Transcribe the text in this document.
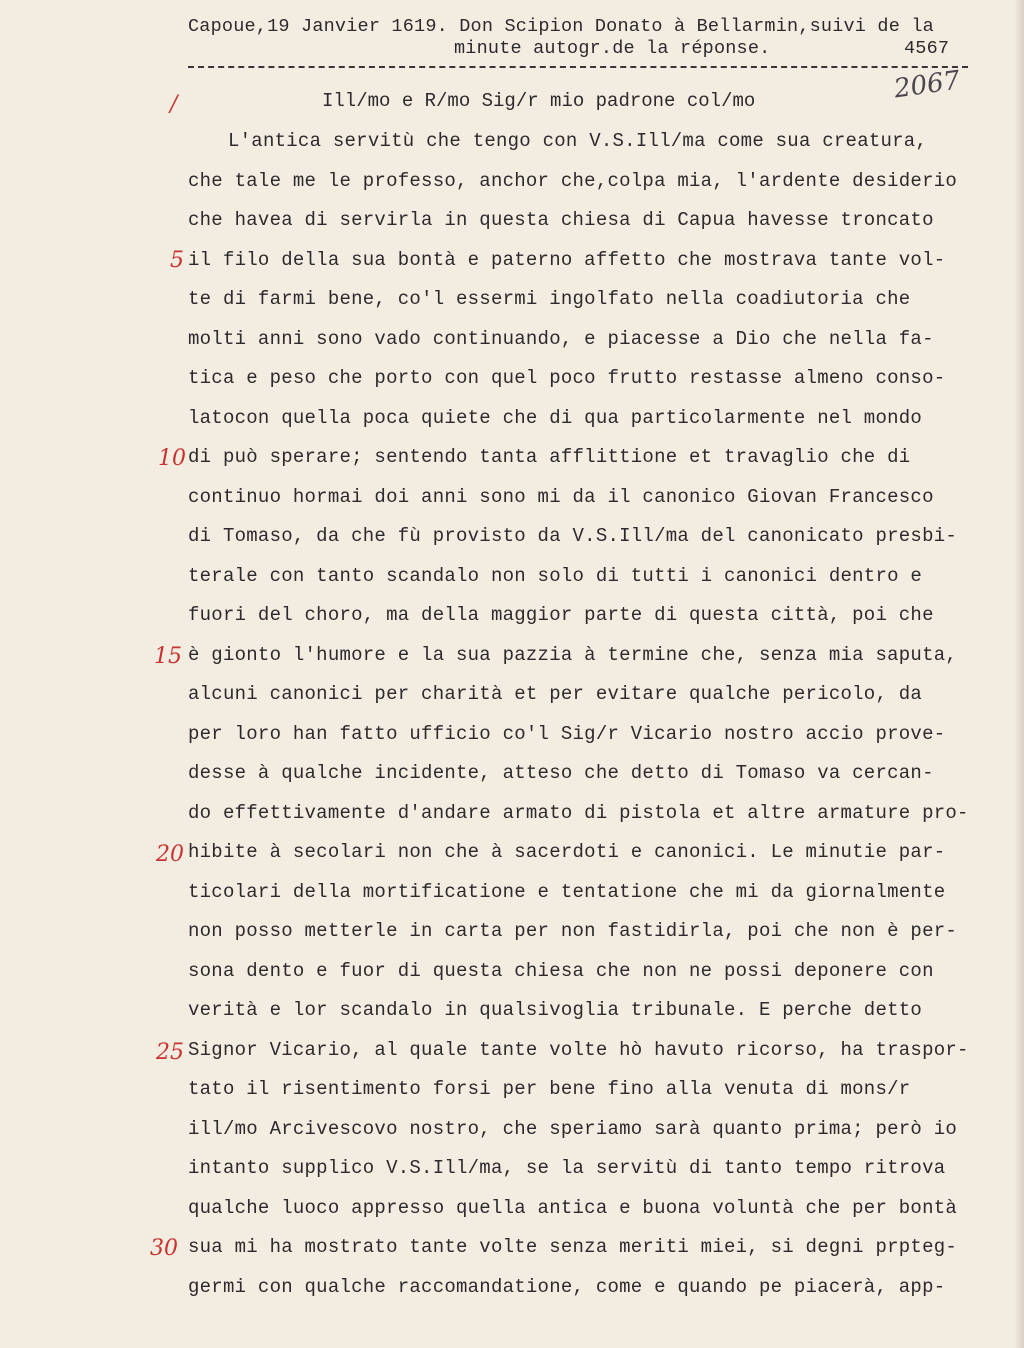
Capoue,19 Janvier 1619. Don Scipion Donato à Bellarmin,suivi de la
minute autogr.de la réponse.	4567
2067
/	Ill/mo e R/mo Sig/r mio padrone col/mo
5
10
15
20
25
30
L'antica servitù che tengo con V.S.Ill/ma come sua creatura,
che tale me le professo, anchor che,colpa mia, l'ardente desiderio
che havea di servirla in questa chiesa di Capua havesse troncato
il filo della sua bontà e paterno affetto che mostrava tante vol-
te di farmi bene, co'l essermi ingolfato nella coadiutoria che
molti anni sono vado continuando, e piacesse a Dio che nella fa-
tica e peso che porto con quel poco frutto restasse almeno conso-
latocon quella poca quiete che di qua particolarmente nel mondo
di può sperare; sentendo tanta afflittione et travaglio che di
continuo hormai doi anni sono mi da il canonico Giovan Francesco
di Tomaso, da che fù provisto da V.S.Ill/ma del canonicato presbi-
terale con tanto scandalo non solo di tutti i canonici dentro e
fuori del choro, ma della maggior parte di questa città, poi che
è gionto l'humore e la sua pazzia à termine che, senza mia saputa,
alcuni canonici per charità et per evitare qualche pericolo, da
per loro han fatto ufficio co'l Sig/r Vicario nostro accio prove-
desse à qualche incidente, atteso che detto di Tomaso va cercan-
do effettivamente d'andare armato di pistola et altre armature pro-
hibite à secolari non che à sacerdoti e canonici. Le minutie par-
ticolari della mortificatione e tentatione che mi da giornalmente
non posso metterle in carta per non fastidirla, poi che non è per-
sona dento e fuor di questa chiesa che non ne possi deponere con
verità e lor scandalo in qualsivoglia tribunale. E perche detto
Signor Vicario, al quale tante volte hò havuto ricorso, ha traspor-
tato il risentimento forsi per bene fino alla venuta di mons/r
ill/mo Arcivescovo nostro, che speriamo sarà quanto prima; però io
intanto supplico V.S.Ill/ma, se la servitù di tanto tempo ritrova
qualche luoco appresso quella antica e buona voluntà che per bontà
sua mi ha mostrato tante volte senza meriti miei, si degni prpteg-
germi con qualche raccomandatione, come e quando pe piacerà, app-
